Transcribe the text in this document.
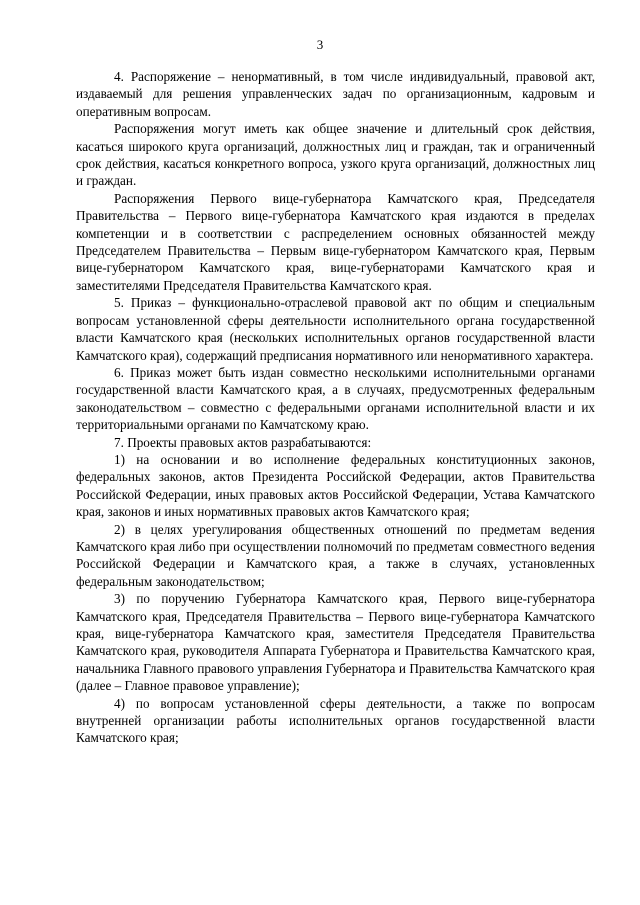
3

4. Распоряжение – ненормативный, в том числе индивидуальный, правовой акт, издаваемый для решения управленческих задач по организационным, кадровым и оперативным вопросам.

Распоряжения могут иметь как общее значение и длительный срок действия, касаться широкого круга организаций, должностных лиц и граждан, так и ограниченный срок действия, касаться конкретного вопроса, узкого круга организаций, должностных лиц и граждан.

Распоряжения Первого вице-губернатора Камчатского края, Председателя Правительства – Первого вице-губернатора Камчатского края издаются в пределах компетенции и в соответствии с распределением основных обязанностей между Председателем Правительства – Первым вице-губернатором Камчатского края, Первым вице-губернатором Камчатского края, вице-губернаторами Камчатского края и заместителями Председателя Правительства Камчатского края.

5. Приказ – функционально-отраслевой правовой акт по общим и специальным вопросам установленной сферы деятельности исполнительного органа государственной власти Камчатского края (нескольких исполнительных органов государственной власти Камчатского края), содержащий предписания нормативного или ненормативного характера.

6. Приказ может быть издан совместно несколькими исполнительными органами государственной власти Камчатского края, а в случаях, предусмотренных федеральным законодательством – совместно с федеральными органами исполнительной власти и их территориальными органами по Камчатскому краю.

7. Проекты правовых актов разрабатываются:

1) на основании и во исполнение федеральных конституционных законов, федеральных законов, актов Президента Российской Федерации, актов Правительства Российской Федерации, иных правовых актов Российской Федерации, Устава Камчатского края, законов и иных нормативных правовых актов Камчатского края;

2) в целях урегулирования общественных отношений по предметам ведения Камчатского края либо при осуществлении полномочий по предметам совместного ведения Российской Федерации и Камчатского края, а также в случаях, установленных федеральным законодательством;

3) по поручению Губернатора Камчатского края, Первого вице-губернатора Камчатского края, Председателя Правительства – Первого вице-губернатора Камчатского края, вице-губернатора Камчатского края, заместителя Председателя Правительства Камчатского края, руководителя Аппарата Губернатора и Правительства Камчатского края, начальника Главного правового управления Губернатора и Правительства Камчатского края (далее – Главное правовое управление);

4) по вопросам установленной сферы деятельности, а также по вопросам внутренней организации работы исполнительных органов государственной власти Камчатского края;
